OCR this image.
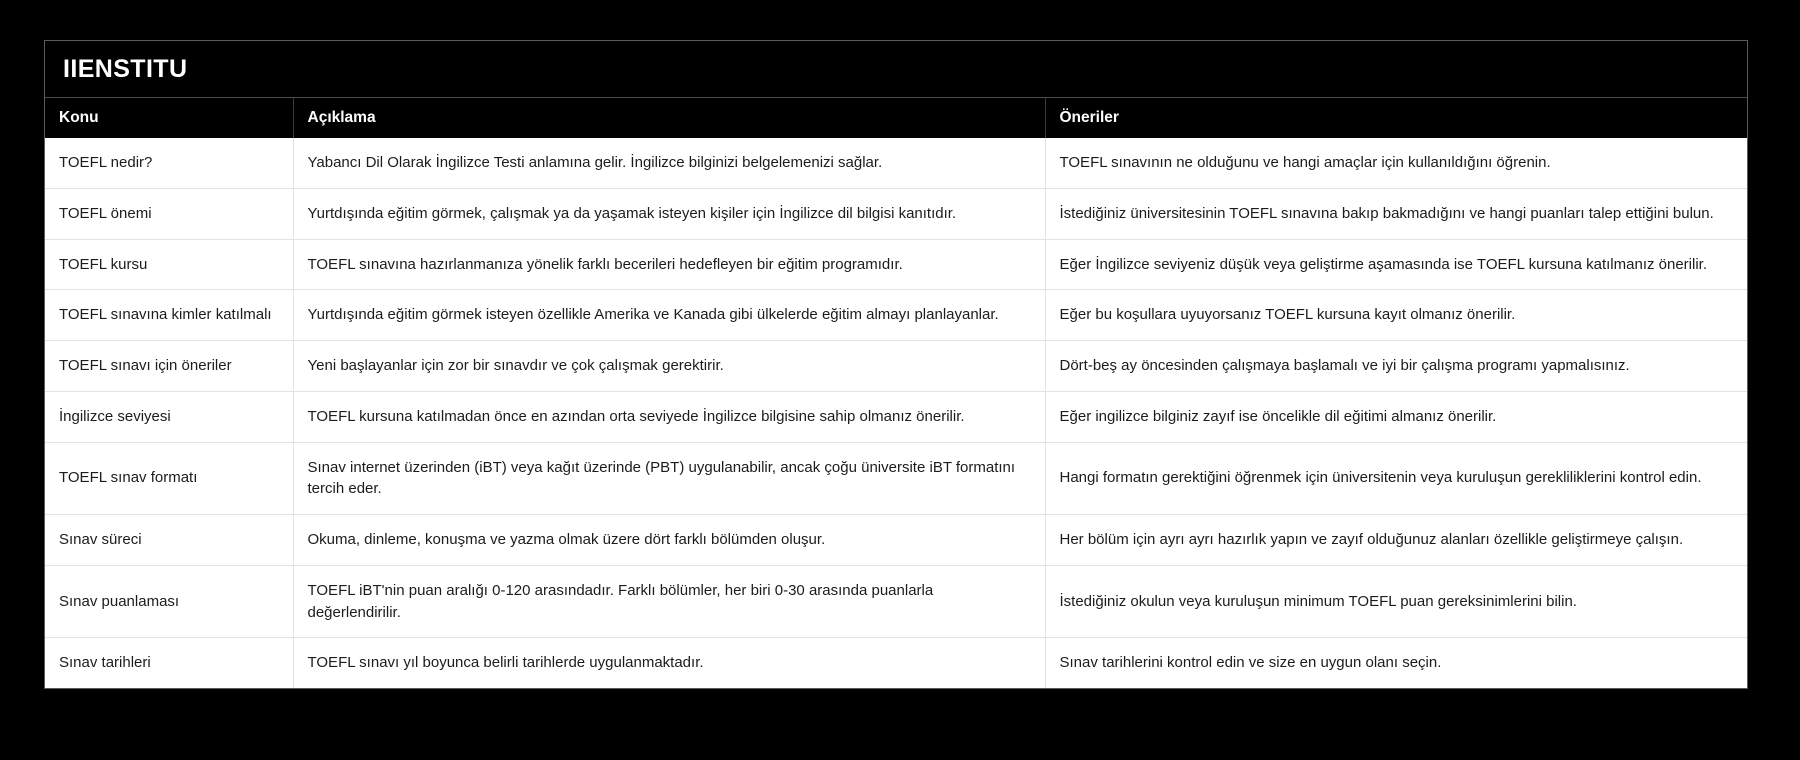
IIENSTITU
Konu	Açıklama	Öneriler
TOEFL nedir?	Yabancı Dil Olarak İngilizce Testi anlamına gelir. İngilizce bilginizi belgelemenizi sağlar.	TOEFL sınavının ne olduğunu ve hangi amaçlar için kullanıldığını öğrenin.
TOEFL önemi	Yurtdışında eğitim görmek, çalışmak ya da yaşamak isteyen kişiler için İngilizce dil bilgisi kanıtıdır.	İstediğiniz üniversitesinin TOEFL sınavına bakıp bakmadığını ve hangi puanları talep ettiğini bulun.
TOEFL kursu	TOEFL sınavına hazırlanmanıza yönelik farklı becerileri hedefleyen bir eğitim programıdır.	Eğer İngilizce seviyeniz düşük veya geliştirme aşamasında ise TOEFL kursuna katılmanız önerilir.
TOEFL sınavına kimler katılmalı	Yurtdışında eğitim görmek isteyen özellikle Amerika ve Kanada gibi ülkelerde eğitim almayı planlayanlar.	Eğer bu koşullara uyuyorsanız TOEFL kursuna kayıt olmanız önerilir.
TOEFL sınavı için öneriler	Yeni başlayanlar için zor bir sınavdır ve çok çalışmak gerektirir.	Dört-beş ay öncesinden çalışmaya başlamalı ve iyi bir çalışma programı yapmalısınız.
İngilizce seviyesi	TOEFL kursuna katılmadan önce en azından orta seviyede İngilizce bilgisine sahip olmanız önerilir.	Eğer ingilizce bilginiz zayıf ise öncelikle dil eğitimi almanız önerilir.
TOEFL sınav formatı	Sınav internet üzerinden (iBT) veya kağıt üzerinde (PBT) uygulanabilir, ancak çoğu üniversite iBT formatını tercih eder.	Hangi formatın gerektiğini öğrenmek için üniversitenin veya kuruluşun gerekliliklerini kontrol edin.
Sınav süreci	Okuma, dinleme, konuşma ve yazma olmak üzere dört farklı bölümden oluşur.	Her bölüm için ayrı ayrı hazırlık yapın ve zayıf olduğunuz alanları özellikle geliştirmeye çalışın.
Sınav puanlaması	TOEFL iBT'nin puan aralığı 0-120 arasındadır. Farklı bölümler, her biri 0-30 arasında puanlarla değerlendirilir.	İstediğiniz okulun veya kuruluşun minimum TOEFL puan gereksinimlerini bilin.
Sınav tarihleri	TOEFL sınavı yıl boyunca belirli tarihlerde uygulanmaktadır.	Sınav tarihlerini kontrol edin ve size en uygun olanı seçin.
